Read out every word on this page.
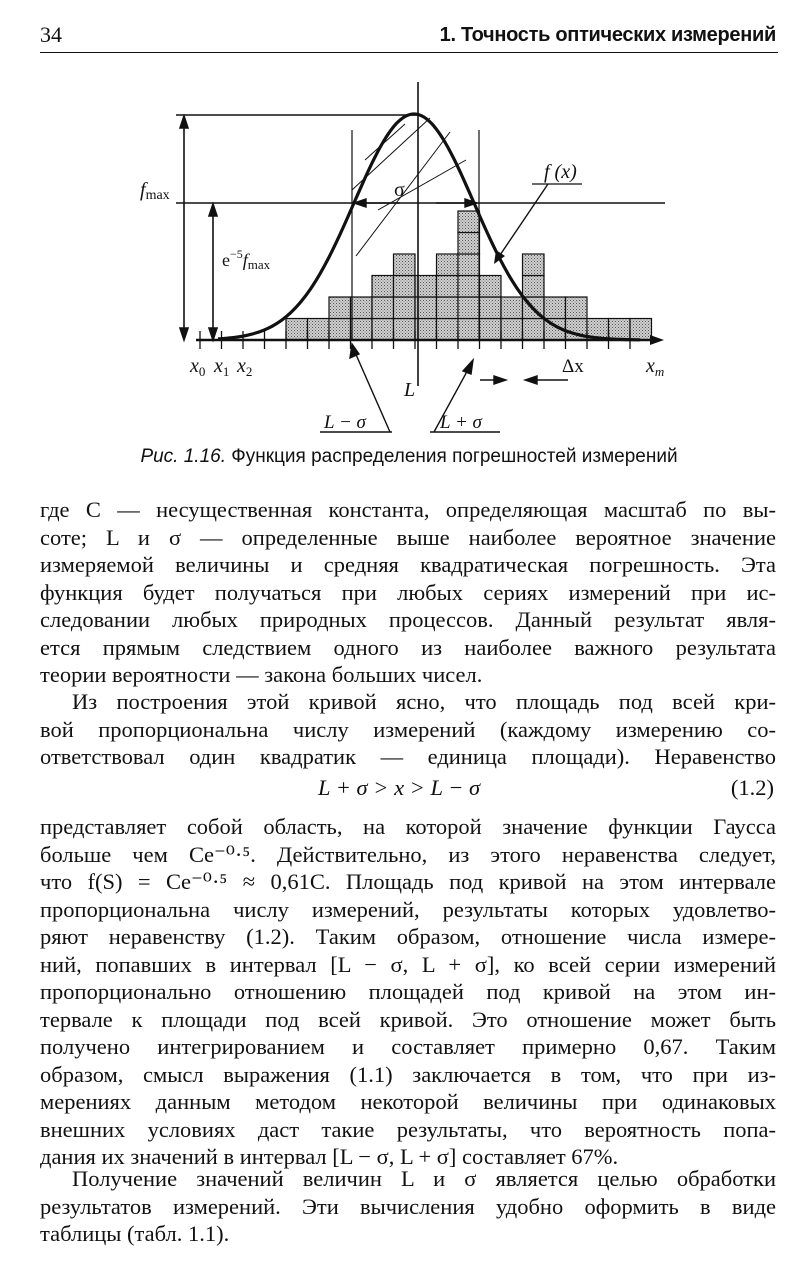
34	1. Точность оптических измерений
fmax
$e^{-5}fmax$
σ
f (x)
$x_0$ $x_1$ $x_2$
L
Δx	$x_m$
L − σ	L + σ
Рис. 1.16. Функция распределения погрешностей измерений
где C — несущественная константа, определяющая масштаб по вы-
соте; L и σ — определенные выше наиболее вероятное значение
измеряемой величины и средняя квадратическая погрешность. Эта
функция будет получаться при любых сериях измерений при ис-
следовании любых природных процессов. Данный результат явля-
ется прямым следствием одного из наиболее важного результата
теории вероятности — закона больших чисел.
Из построения этой кривой ясно, что площадь под всей кри-
вой пропорциональна числу измерений (каждому измерению со-
ответствовал один квадратик — единица площади). Неравенство
L + σ > x > L − σ	(1.2)
представляет собой область, на которой значение функции Гаусса
больше чем Ce⁻⁰·⁵. Действительно, из этого неравенства следует,
что f(S) = Ce⁻⁰·⁵ ≈ 0,61C. Площадь под кривой на этом интервале
пропорциональна числу измерений, результаты которых удовлетво-
ряют неравенству (1.2). Таким образом, отношение числа измере-
ний, попавших в интервал [L − σ, L + σ], ко всей серии измерений
пропорционально отношению площадей под кривой на этом ин-
тервале к площади под всей кривой. Это отношение может быть
получено интегрированием и составляет примерно 0,67. Таким
образом, смысл выражения (1.1) заключается в том, что при из-
мерениях данным методом некоторой величины при одинаковых
внешних условиях даст такие результаты, что вероятность попа-
дания их значений в интервал [L − σ, L + σ] составляет 67%.
Получение значений величин L и σ является целью обработки
результатов измерений. Эти вычисления удобно оформить в виде
таблицы (табл. 1.1).
